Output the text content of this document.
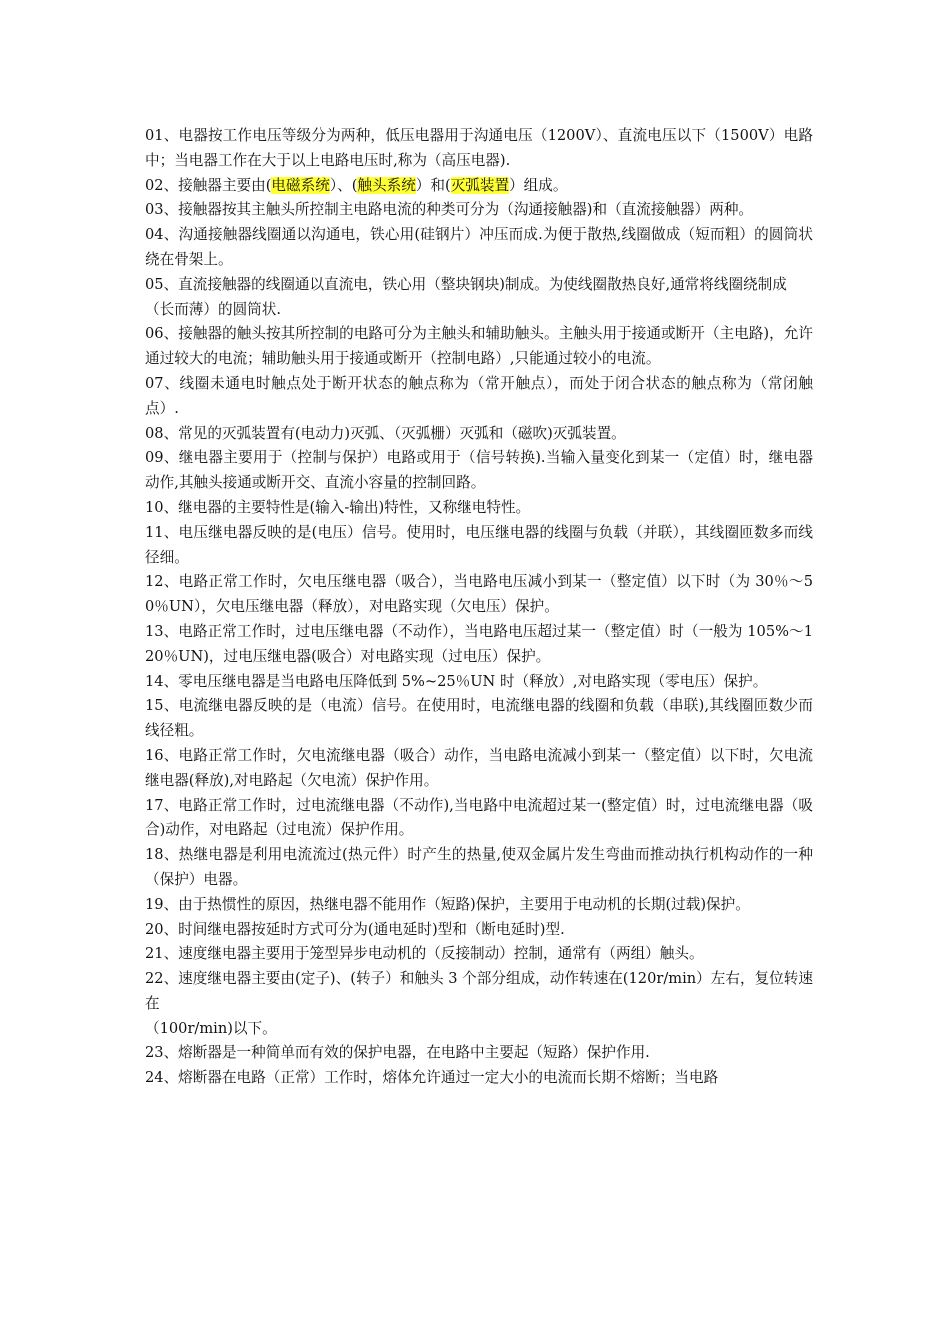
01、电器按工作电压等级分为两种，低压电器用于沟通电压（1200V）、直流电压以下（1500V）电路中；当电器工作在大于以上电路电压时,称为（高压电器).

02、接触器主要由(电磁系统）、(触头系统）和(灭弧装置）组成。

03、接触器按其主触头所控制主电路电流的种类可分为（沟通接触器)和（直流接触器）两种。

04、沟通接触器线圈通以沟通电，铁心用(硅钢片）冲压而成.为便于散热,线圈做成（短而粗）的圆筒状绕在骨架上。

05、直流接触器的线圈通以直流电，铁心用（整块钢块)制成。为使线圈散热良好,通常将线圈绕制成

（长而薄）的圆筒状.

06、接触器的触头按其所控制的电路可分为主触头和辅助触头。主触头用于接通或断开（主电路)，允许通过较大的电流；辅助触头用于接通或断开（控制电路）,只能通过较小的电流。

07、线圈未通电时触点处于断开状态的触点称为（常开触点），而处于闭合状态的触点称为（常闭触点）.

08、常见的灭弧装置有(电动力)灭弧、（灭弧栅）灭弧和（磁吹)灭弧装置。

09、继电器主要用于（控制与保护）电路或用于（信号转换).当输入量变化到某一（定值）时，继电器动作,其触头接通或断开交、直流小容量的控制回路。

10、继电器的主要特性是(输入-输出)特性，又称继电特性。

11、电压继电器反映的是(电压）信号。使用时，电压继电器的线圈与负载（并联），其线圈匝数多而线径细。

12、电路正常工作时，欠电压继电器（吸合），当电路电压减小到某一（整定值）以下时（为 30％～50％UN），欠电压继电器（释放），对电路实现（欠电压）保护。

13、电路正常工作时，过电压继电器（不动作），当电路电压超过某一（整定值）时（一般为 105%～120％UN)，过电压继电器(吸合）对电路实现（过电压）保护。

14、零电压继电器是当电路电压降低到 5%~25％UN 时（释放）,对电路实现（零电压）保护。

15、电流继电器反映的是（电流）信号。在使用时，电流继电器的线圈和负载（串联),其线圈匝数少而线径粗。

16、电路正常工作时，欠电流继电器（吸合）动作，当电路电流减小到某一（整定值）以下时，欠电流继电器(释放),对电路起（欠电流）保护作用。

17、电路正常工作时，过电流继电器（不动作),当电路中电流超过某一(整定值）时，过电流继电器（吸合)动作，对电路起（过电流）保护作用。

18、热继电器是利用电流流过(热元件）时产生的热量,使双金属片发生弯曲而推动执行机构动作的一种（保护）电器。

19、由于热惯性的原因，热继电器不能用作（短路)保护，主要用于电动机的长期(过载)保护。

20、时间继电器按延时方式可分为(通电延时)型和（断电延时)型.

21、速度继电器主要用于笼型异步电动机的（反接制动）控制，通常有（两组）触头。

22、速度继电器主要由(定子)、(转子）和触头 3 个部分组成，动作转速在(120r/min）左右，复位转速在

（100r/min)以下。

23、熔断器是一种简单而有效的保护电器，在电路中主要起（短路）保护作用.

24、熔断器在电路（正常）工作时，熔体允许通过一定大小的电流而长期不熔断；当电路
